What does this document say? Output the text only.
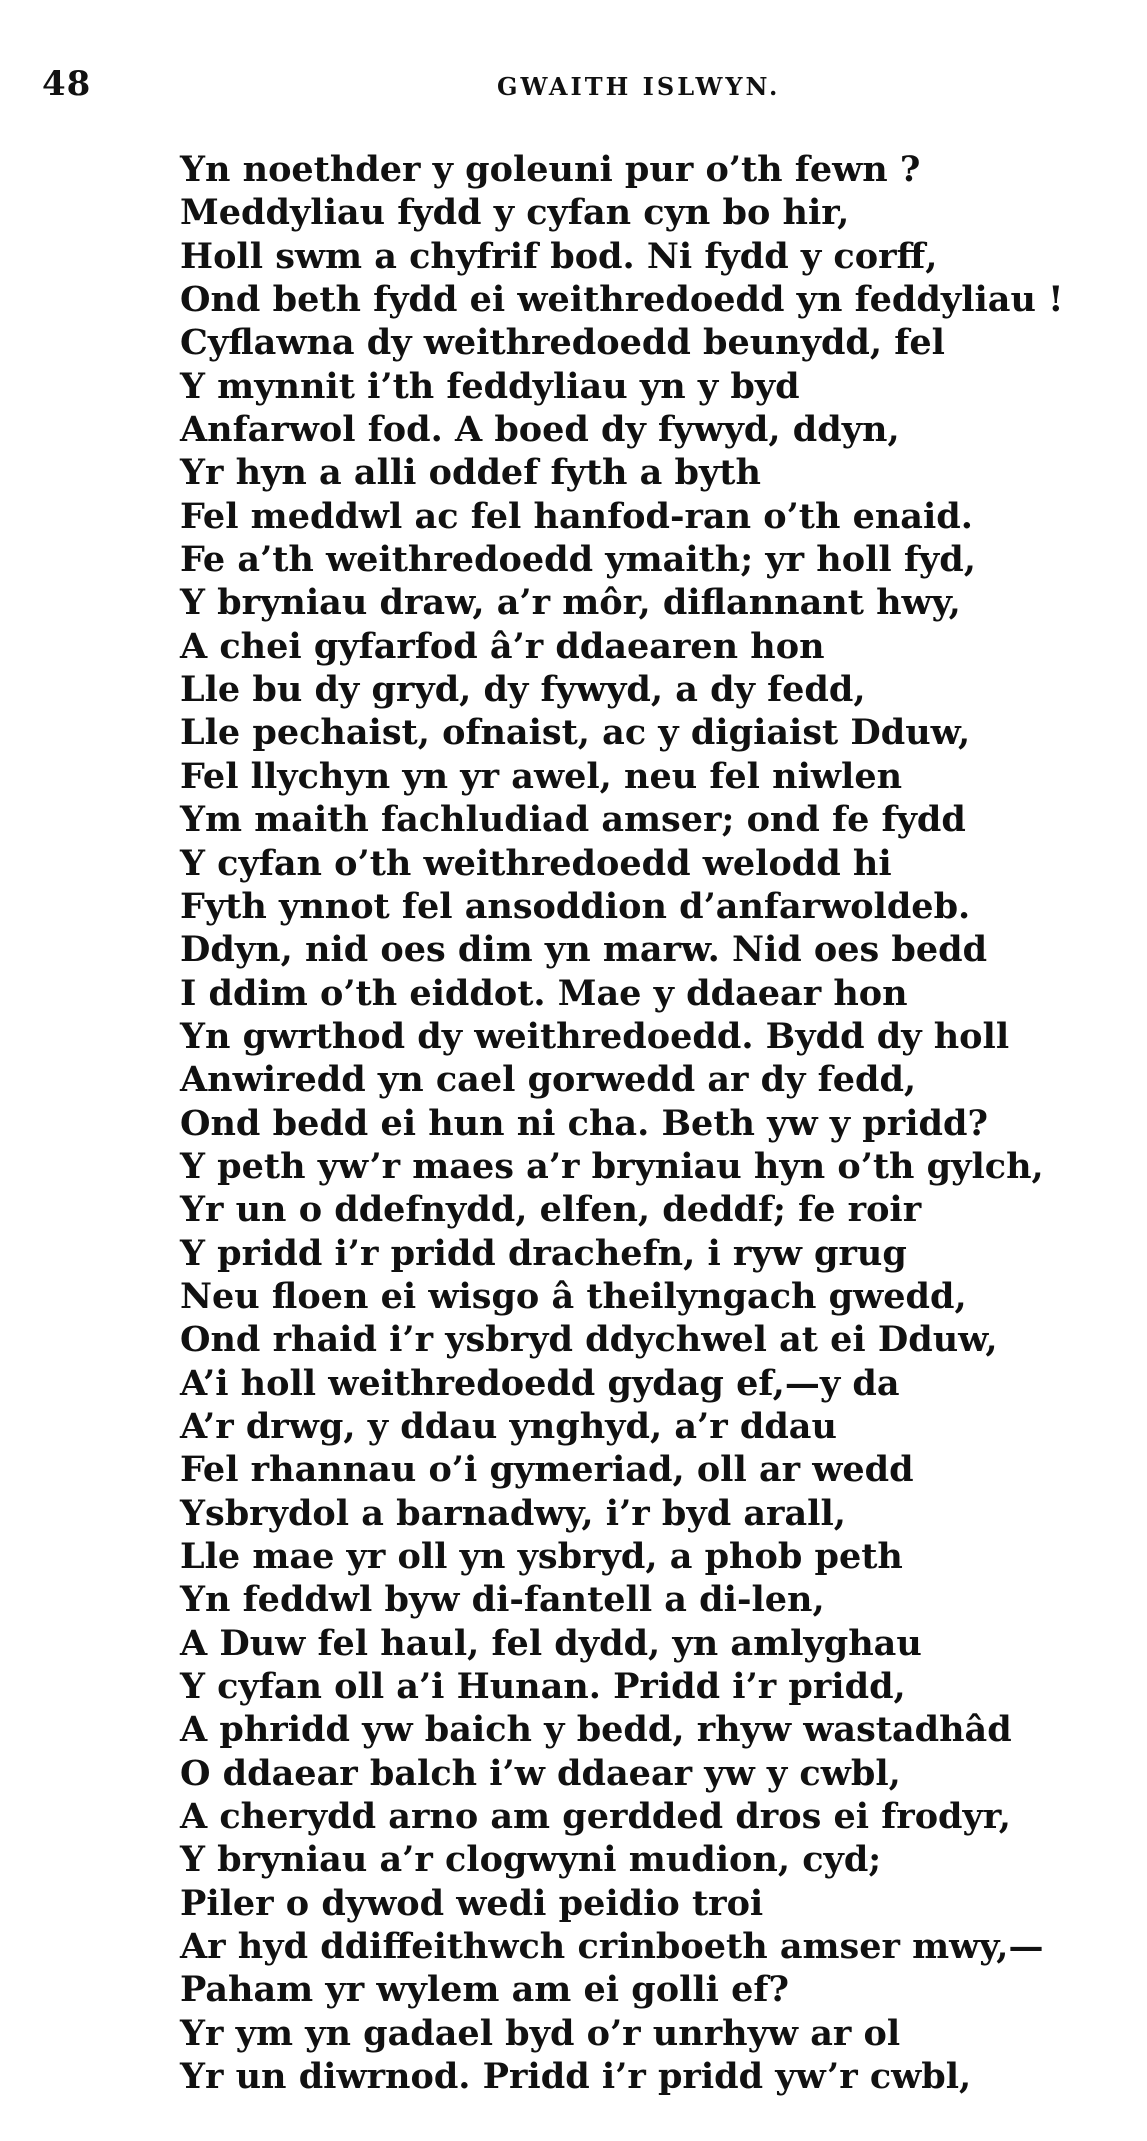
48	GWAITH ISLWYN.
Yn noethder y goleuni pur o’th fewn ?
Meddyliau fydd y cyfan cyn bo hir,
Holl swm a chyfrif bod. Ni fydd y corff,
Ond beth fydd ei weithredoedd yn feddyliau !
Cyflawna dy weithredoedd beunydd, fel
Y mynnit i’th feddyliau yn y byd
Anfarwol fod. A boed dy fywyd, ddyn,
Yr hyn a alli oddef fyth a byth
Fel meddwl ac fel hanfod-ran o’th enaid.
Fe a’th weithredoedd ymaith; yr holl fyd,
Y bryniau draw, a’r môr, diflannant hwy,
A chei gyfarfod â’r ddaearen hon
Lle bu dy gryd, dy fywyd, a dy fedd,
Lle pechaist, ofnaist, ac y digiaist Dduw,
Fel llychyn yn yr awel, neu fel niwlen
Ym maith fachludiad amser; ond fe fydd
Y cyfan o’th weithredoedd welodd hi
Fyth ynnot fel ansoddion d’anfarwoldeb.
Ddyn, nid oes dim yn marw. Nid oes bedd
I ddim o’th eiddot. Mae y ddaear hon
Yn gwrthod dy weithredoedd. Bydd dy holl
Anwiredd yn cael gorwedd ar dy fedd,
Ond bedd ei hun ni cha. Beth yw y pridd?
Y peth yw’r maes a’r bryniau hyn o’th gylch,
Yr un o ddefnydd, elfen, deddf; fe roir
Y pridd i’r pridd drachefn, i ryw grug
Neu floen ei wisgo â theilyngach gwedd,
Ond rhaid i’r ysbryd ddychwel at ei Dduw,
A’i holl weithredoedd gydag ef,—y da
A’r drwg, y ddau ynghyd, a’r ddau
Fel rhannau o’i gymeriad, oll ar wedd
Ysbrydol a barnadwy, i’r byd arall,
Lle mae yr oll yn ysbryd, a phob peth
Yn feddwl byw di-fantell a di-len,
A Duw fel haul, fel dydd, yn amlyghau
Y cyfan oll a’i Hunan. Pridd i’r pridd,
A phridd yw baich y bedd, rhyw wastadhâd
O ddaear balch i’w ddaear yw y cwbl,
A cherydd arno am gerdded dros ei frodyr,
Y bryniau a’r clogwyni mudion, cyd;
Piler o dywod wedi peidio troi
Ar hyd ddiffeithwch crinboeth amser mwy,—
Paham yr wylem am ei golli ef?
Yr ym yn gadael byd o’r unrhyw ar ol
Yr un diwrnod. Pridd i’r pridd yw’r cwbl,
